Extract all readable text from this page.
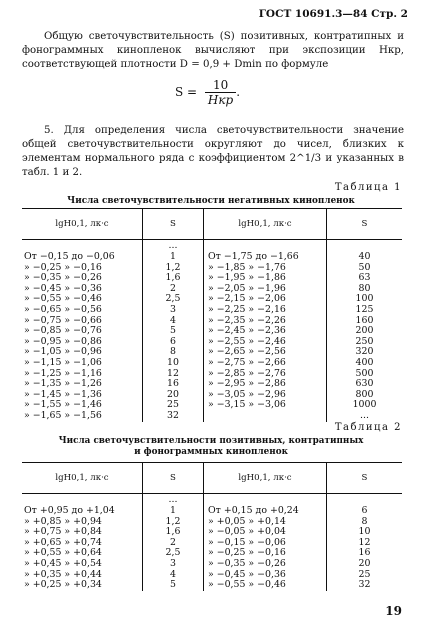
ГОСТ 10691.3—84 Стр. 2
Общую светочувствительность (S) позитивных, контратипных и фонограммных кинопленок вычисляют при экспозиции Нкр, соответствующей плотности D = 0,9 + Dmin по формуле
$S = \frac{10}{\text{Нкр}}$ .
5. Для определения числа светочувствительности значение общей светочувствительности округляют до чисел, близких к элементам нормального ряда с коэффициентом 2^1/3 и указанных в табл. 1 и 2.
Таблица 1
Числа светочувствительности негативных кинопленок
lgH0,1, лк·с	S	lgH0,1, лк·с	S
	...		
От −0,15 до −0,06	1	От −1,75 до −1,66	40
» −0,25 » −0,16	1,2	» −1,85 » −1,76	50
» −0,35 » −0,26	1,6	» −1,95 » −1,86	63
» −0,45 » −0,36	2	» −2,05 » −1,96	80
» −0,55 » −0,46	2,5	» −2,15 » −2,06	100
» −0,65 » −0,56	3	» −2,25 » −2,16	125
» −0,75 » −0,66	4	» −2,35 » −2,26	160
» −0,85 » −0,76	5	» −2,45 » −2,36	200
» −0,95 » −0,86	6	» −2,55 » −2,46	250
» −1,05 » −0,96	8	» −2,65 » −2,56	320
» −1,15 » −1,06	10	» −2,75 » −2,66	400
» −1,25 » −1,16	12	» −2,85 » −2,76	500
» −1,35 » −1,26	16	» −2,95 » −2,86	630
» −1,45 » −1,36	20	» −3,05 » −2,96	800
» −1,55 » −1,46	25	» −3,15 » −3,06	1000
» −1,65 » −1,56	32		...
Таблица 2
Числа светочувствительности позитивных, контратипных
и фонограммных кинопленок
lgH0,1, лк·с	S	lgH0,1, лк·с	S
	...		
От +0,95 до +1,04	1	От +0,15 до +0,24	6
» +0,85 » +0,94	1,2	» +0,05 » +0,14	8
» +0,75 » +0,84	1,6	» −0,05 » +0,04	10
» +0,65 » +0,74	2	» −0,15 » −0,06	12
» +0,55 » +0,64	2,5	» −0,25 » −0,16	16
» +0,45 » +0,54	3	» −0,35 » −0,26	20
» +0,35 » +0,44	4	» −0,45 » −0,36	25
» +0,25 » +0,34	5	» −0,55 » −0,46	32
19
